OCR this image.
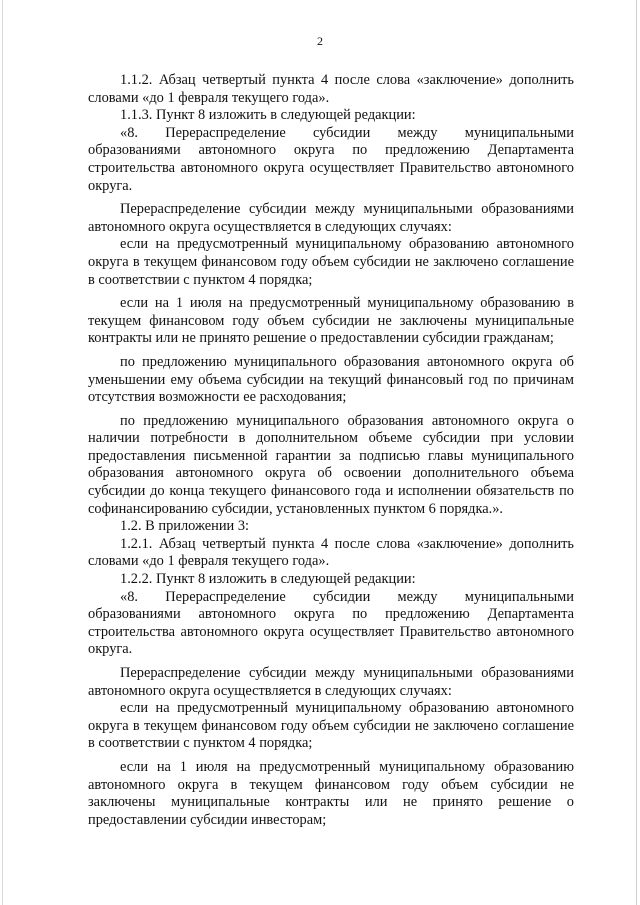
2

1.1.2. Абзац четвертый пункта 4 после слова «заключение» дополнить словами «до 1 февраля текущего года».

1.1.3. Пункт 8 изложить в следующей редакции:

«8. Перераспределение субсидии между муниципальными образованиями автономного округа по предложению Департамента строительства автономного округа осуществляет Правительство автономного округа.

Перераспределение субсидии между муниципальными образованиями автономного округа осуществляется в следующих случаях:

если на предусмотренный муниципальному образованию автономного округа в текущем финансовом году объем субсидии не заключено соглашение в соответствии с пунктом 4 порядка;

если на 1 июля на предусмотренный муниципальному образованию в текущем финансовом году объем субсидии не заключены муниципальные контракты или не принято решение о предоставлении субсидии гражданам;

по предложению муниципального образования автономного округа об уменьшении ему объема субсидии на текущий финансовый год по причинам отсутствия возможности ее расходования;

по предложению муниципального образования автономного округа о наличии потребности в дополнительном объеме субсидии при условии предоставления письменной гарантии за подписью главы муниципального образования автономного округа об освоении дополнительного объема субсидии до конца текущего финансового года и исполнении обязательств по софинансированию субсидии, установленных пунктом 6 порядка.».

1.2. В приложении 3:

1.2.1. Абзац четвертый пункта 4 после слова «заключение» дополнить словами «до 1 февраля текущего года».

1.2.2. Пункт 8 изложить в следующей редакции:

«8. Перераспределение субсидии между муниципальными образованиями автономного округа по предложению Департамента строительства автономного округа осуществляет Правительство автономного округа.

Перераспределение субсидии между муниципальными образованиями автономного округа осуществляется в следующих случаях:

если на предусмотренный муниципальному образованию автономного округа в текущем финансовом году объем субсидии не заключено соглашение в соответствии с пунктом 4 порядка;

если на 1 июля на предусмотренный муниципальному образованию автономного округа в текущем финансовом году объем субсидии не заключены муниципальные контракты или не принято решение о предоставлении субсидии инвесторам;
